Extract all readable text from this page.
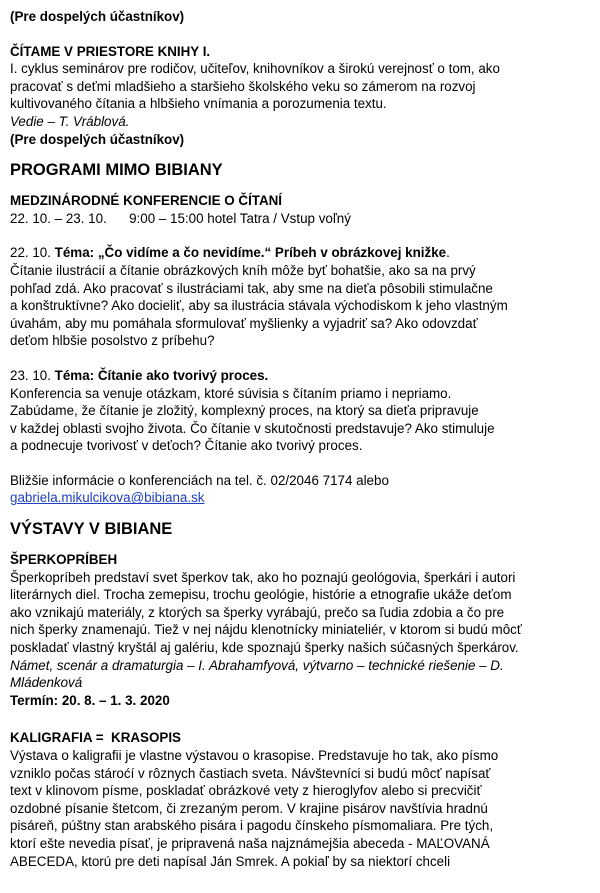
(Pre dospelých účastníkov)

ČÍTAME V PRIESTORE KNIHY I.

I. cyklus seminárov pre rodičov, učiteľov, knihovníkov a širokú verejnosť o tom, ako
pracovať s deťmi mladšieho a staršieho školského veku so zámerom na rozvoj
kultivovaného čítania a hlbšieho vnímania a porozumenia textu.

Vedie – T. Vráblová.

(Pre dospelých účastníkov)

PROGRAMI MIMO BIBIANY

MEDZINÁRODNÉ KONFERENCIE O ČÍTANÍ

22. 10. – 23. 10.      9:00 – 15:00 hotel Tatra / Vstup voľný

22. 10. Téma: „Čo vidíme a čo nevidíme.“ Príbeh v obrázkovej knižke.

Čítanie ilustrácií a čítanie obrázkových kníh môže byť bohatšie, ako sa na prvý
pohľad zdá. Ako pracovať s ilustráciami tak, aby sme na dieťa pôsobili stimulačne
a konštruktívne? Ako docieliť, aby sa ilustrácia stávala východiskom k jeho vlastným
úvahám, aby mu pomáhala sformulovať myšlienky a vyjadriť sa? Ako odovzdať
deťom hlbšie posolstvo z príbehu?

23. 10. Téma: Čítanie ako tvorivý proces.

Konferencia sa venuje otázkam, ktoré súvisia s čítaním priamo i nepriamo.
Zabúdame, že čítanie je zložitý, komplexný proces, na ktorý sa dieťa pripravuje
v každej oblasti svojho života. Čo čítanie v skutočnosti predstavuje? Ako stimuluje
a podnecuje tvorivosť v deťoch? Čítanie ako tvorivý proces.

Bližšie informácie o konferenciách na tel. č. 02/2046 7174 alebo

gabriela.mikulcikova@bibiana.sk

VÝSTAVY V BIBIANE

ŠPERKOPRÍBEH

Šperkopríbeh predstaví svet šperkov tak, ako ho poznajú geológovia, šperkári i autori
literárnych diel. Trocha zemepisu, trochu geológie, histórie a etnografie ukáže deťom
ako vznikajú materiály, z ktorých sa šperky vyrábajú, prečo sa ľudia zdobia a čo pre
nich šperky znamenajú. Tiež v nej nájdu klenotnícky miniateliér, v ktorom si budú môcť
poskladať vlastný kryštál aj galériu, kde spoznajú šperky našich súčasných šperkárov.

Námet, scenár a dramaturgia – I. Abrahamfyová, výtvarno – technické riešenie – D.
Mládenková

Termín: 20. 8. – 1. 3. 2020

KALIGRAFIA =  KRASOPIS

Výstava o kaligrafii je vlastne výstavou o krasopise. Predstavuje ho tak, ako písmo
vzniklo počas stároćí v rôznych častiach sveta. Návštevníci si budú môcť napísať
text v klinovom písme, poskladať obrázkové vety z hieroglyfov alebo si precvičiť
ozdobné písanie štetcom, či zrezaným perom. V krajine pisárov navštívia hradnú
pisáreň, púštny stan arabského pisára i pagodu čínskeho písmomaliara. Pre tých,
ktorí ešte nevedia písať, je pripravená naša najznámejšia abeceda - MAĽOVANÁ
ABECEDA, ktorú pre deti napísal Ján Smrek. A pokiaľ by sa niektorí chceli
